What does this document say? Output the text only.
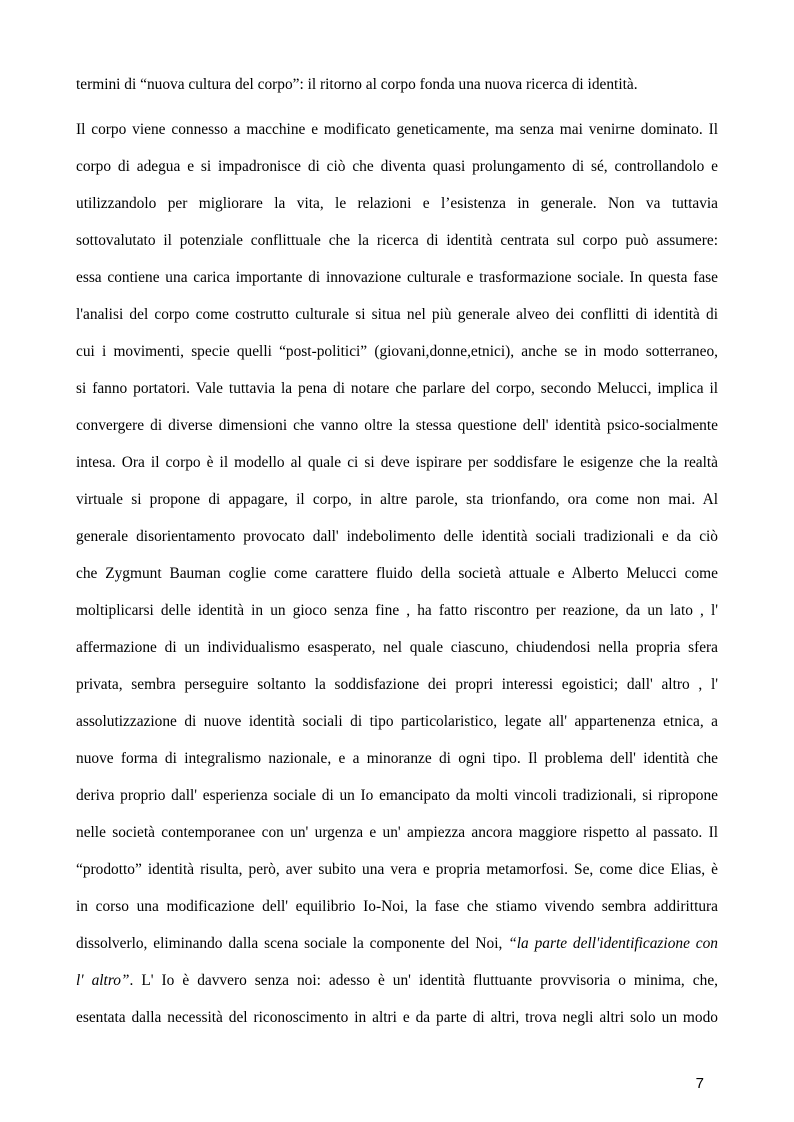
termini di “nuova cultura del corpo”: il ritorno al corpo fonda una nuova ricerca di identità.
Il corpo viene connesso a macchine e modificato geneticamente, ma senza mai venirne dominato. Il
corpo di adegua e si impadronisce di ciò che diventa quasi prolungamento di sé, controllandolo e
utilizzandolo per migliorare la vita, le relazioni e l’esistenza in generale. Non va tuttavia
sottovalutato il potenziale conflittuale che la ricerca di identità centrata sul corpo può assumere:
essa contiene una carica importante di innovazione culturale e trasformazione sociale. In questa fase
l'analisi del corpo come costrutto culturale si situa nel più generale alveo dei conflitti di identità di
cui i movimenti, specie quelli “post-politici” (giovani,donne,etnici), anche se in modo sotterraneo,
si fanno portatori. Vale tuttavia la pena di notare che parlare del corpo, secondo Melucci, implica il
convergere di diverse dimensioni che vanno oltre la stessa questione dell' identità psico-socialmente
intesa. Ora il corpo è il modello al quale ci si deve ispirare per soddisfare le esigenze che la realtà
virtuale si propone di appagare, il corpo, in altre parole, sta trionfando, ora come non mai. Al
generale disorientamento provocato dall' indebolimento delle identità sociali tradizionali e da ciò
che Zygmunt Bauman coglie come carattere fluido della società attuale e Alberto Melucci come
moltiplicarsi delle identità in un gioco senza fine , ha fatto riscontro per reazione, da un lato , l'
affermazione di un individualismo esasperato, nel quale ciascuno, chiudendosi nella propria sfera
privata, sembra perseguire soltanto la soddisfazione dei propri interessi egoistici; dall' altro , l'
assolutizzazione di nuove identità sociali di tipo particolaristico, legate all' appartenenza etnica, a
nuove forma di integralismo nazionale, e a minoranze di ogni tipo. Il problema dell' identità che
deriva proprio dall' esperienza sociale di un Io emancipato da molti vincoli tradizionali, si ripropone
nelle società contemporanee con un' urgenza e un' ampiezza ancora maggiore rispetto al passato. Il
“prodotto” identità risulta, però, aver subito una vera e propria metamorfosi. Se, come dice Elias, è
in corso una modificazione dell' equilibrio Io-Noi, la fase che stiamo vivendo sembra addirittura
dissolverlo, eliminando dalla scena sociale la componente del Noi, “la parte dell'identificazione con
l' altro”. L' Io è davvero senza noi: adesso è un' identità fluttuante provvisoria o minima, che,
esentata dalla necessità del riconoscimento in altri e da parte di altri, trova negli altri solo un modo
7
